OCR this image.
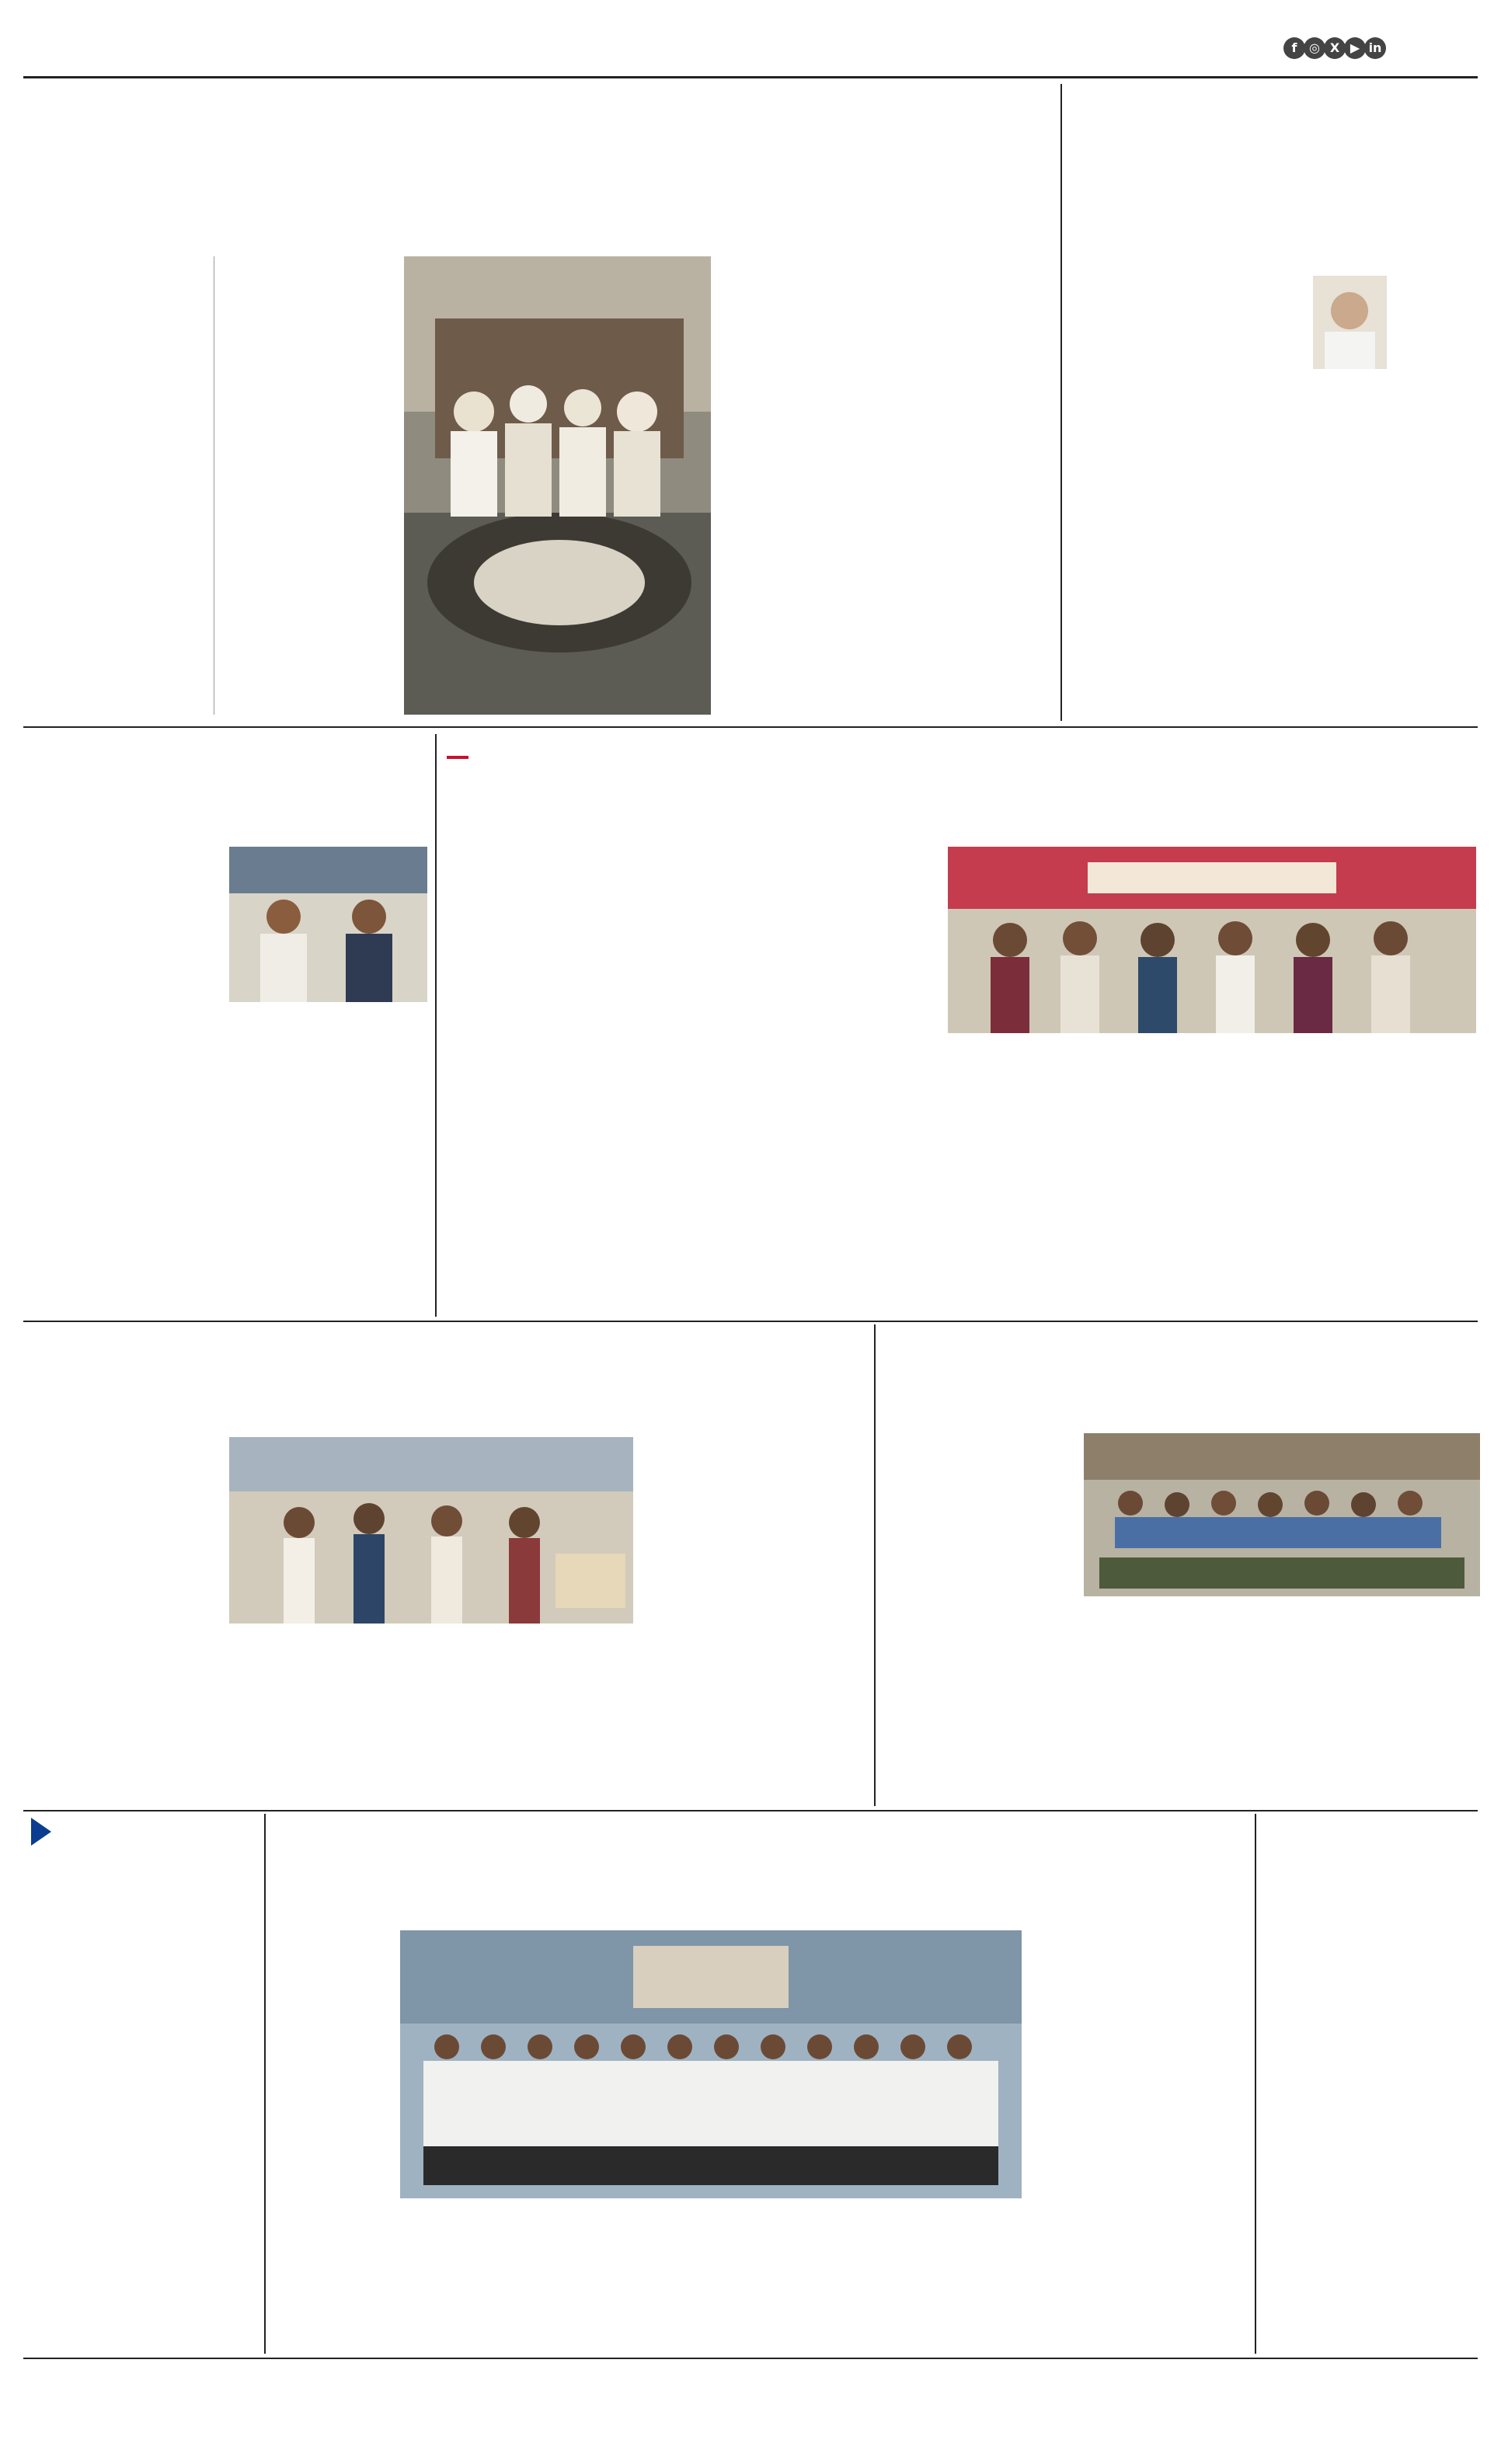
f ◎ X ▶ in
